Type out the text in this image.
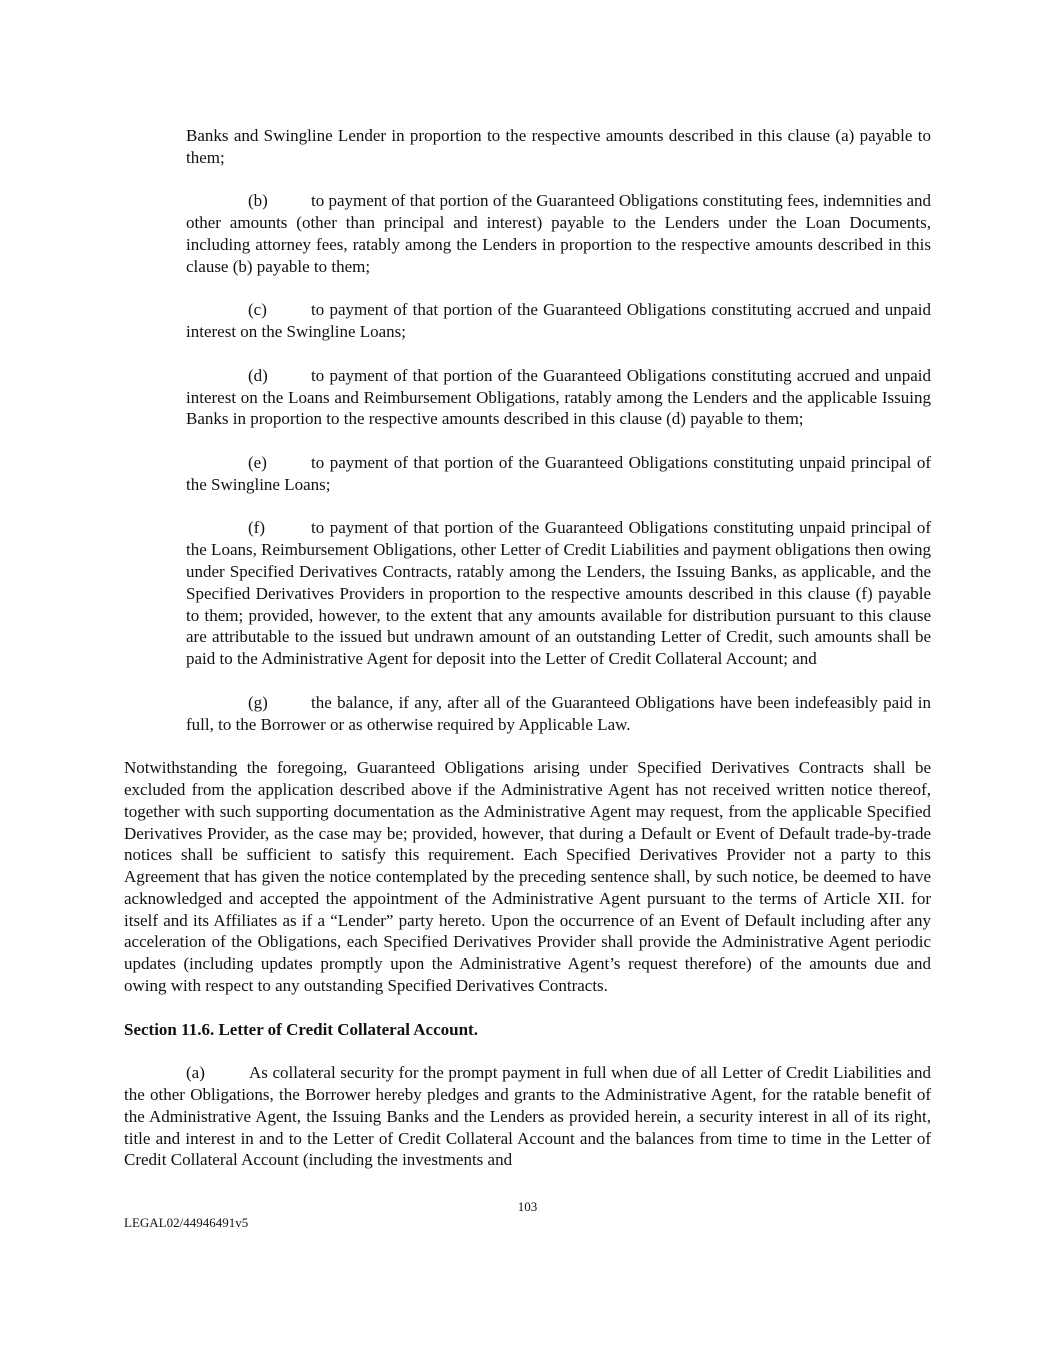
Banks and Swingline Lender in proportion to the respective amounts described in this clause (a) payable to them;

(b)	to payment of that portion of the Guaranteed Obligations constituting fees, indemnities and other amounts (other than principal and interest) payable to the Lenders under the Loan Documents, including attorney fees, ratably among the Lenders in proportion to the respective amounts described in this clause (b) payable to them;

(c)	to payment of that portion of the Guaranteed Obligations constituting accrued and unpaid interest on the Swingline Loans;

(d)	to payment of that portion of the Guaranteed Obligations constituting accrued and unpaid interest on the Loans and Reimbursement Obligations, ratably among the Lenders and the applicable Issuing Banks in proportion to the respective amounts described in this clause (d) payable to them;

(e)	to payment of that portion of the Guaranteed Obligations constituting unpaid principal of the Swingline Loans;

(f)	to payment of that portion of the Guaranteed Obligations constituting unpaid principal of the Loans, Reimbursement Obligations, other Letter of Credit Liabilities and payment obligations then owing under Specified Derivatives Contracts, ratably among the Lenders, the Issuing Banks, as applicable, and the Specified Derivatives Providers in proportion to the respective amounts described in this clause (f) payable to them; provided, however, to the extent that any amounts available for distribution pursuant to this clause are attributable to the issued but undrawn amount of an outstanding Letter of Credit, such amounts shall be paid to the Administrative Agent for deposit into the Letter of Credit Collateral Account; and

(g)	the balance, if any, after all of the Guaranteed Obligations have been indefeasibly paid in full, to the Borrower or as otherwise required by Applicable Law.

Notwithstanding the foregoing, Guaranteed Obligations arising under Specified Derivatives Contracts shall be excluded from the application described above if the Administrative Agent has not received written notice thereof, together with such supporting documentation as the Administrative Agent may request, from the applicable Specified Derivatives Provider, as the case may be; provided, however, that during a Default or Event of Default trade-by-trade notices shall be sufficient to satisfy this requirement. Each Specified Derivatives Provider not a party to this Agreement that has given the notice contemplated by the preceding sentence shall, by such notice, be deemed to have acknowledged and accepted the appointment of the Administrative Agent pursuant to the terms of Article XII. for itself and its Affiliates as if a “Lender” party hereto. Upon the occurrence of an Event of Default including after any acceleration of the Obligations, each Specified Derivatives Provider shall provide the Administrative Agent periodic updates (including updates promptly upon the Administrative Agent’s request therefore) of the amounts due and owing with respect to any outstanding Specified Derivatives Contracts.

Section 11.6. Letter of Credit Collateral Account.

(a)	As collateral security for the prompt payment in full when due of all Letter of Credit Liabilities and the other Obligations, the Borrower hereby pledges and grants to the Administrative Agent, for the ratable benefit of the Administrative Agent, the Issuing Banks and the Lenders as provided herein, a security interest in all of its right, title and interest in and to the Letter of Credit Collateral Account and the balances from time to time in the Letter of Credit Collateral Account (including the investments and

103
LEGAL02/44946491v5
